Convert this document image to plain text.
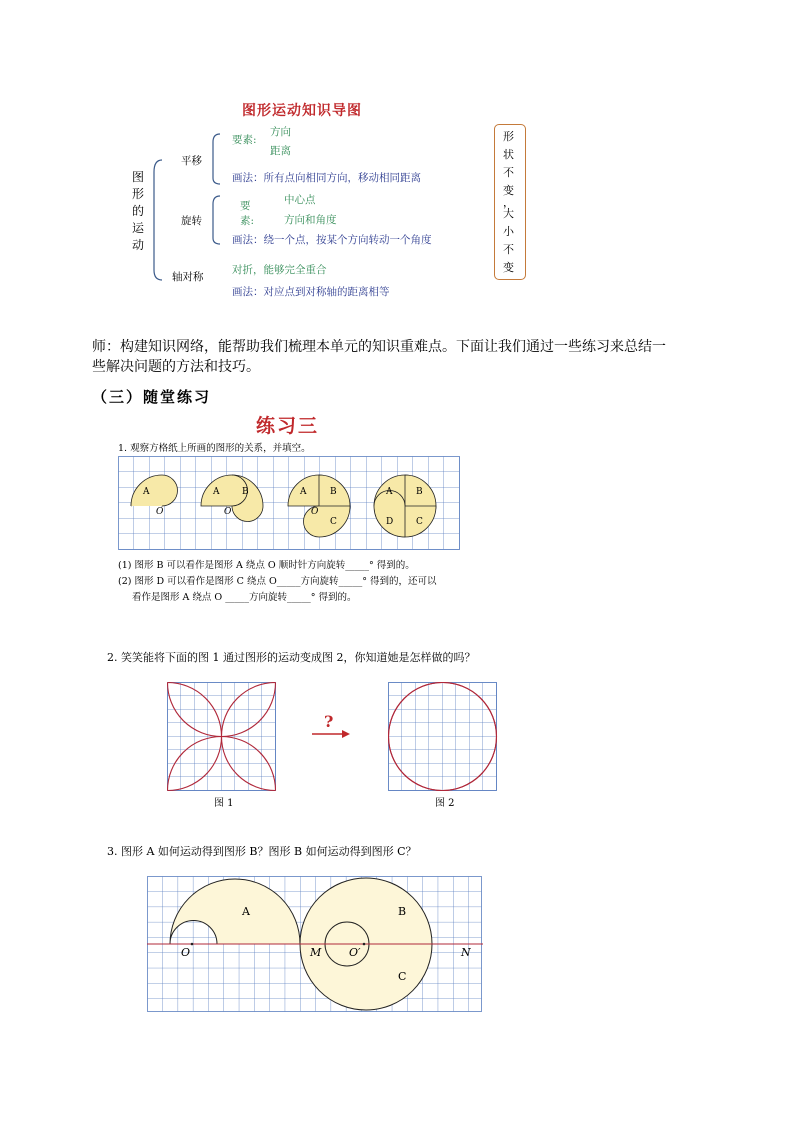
图形运动知识导图
图
形
的
运
动
平移
要素:
方向
距离
画法：所有点向相同方向，移动相同距离
旋转
要
素:
中心点
方向和角度
画法：绕一个点，按某个方向转动一个角度
轴对称
对折，能够完全重合
画法：对应点到对称轴的距离相等
形
状
不
变
，
大
小
不
变
师：构建知识网络，能帮助我们梳理本单元的知识重难点。下面让我们通过一些练习来总结一
些解决问题的方法和技巧。
（三）随堂练习
练习三
1. 观察方格纸上所画的图形的关系，并填空。
A
O
A	B
O
A	B
C
O
A	B
C
D
(1) 图形 B 可以看作是图形 A 绕点 O 顺时针方向旋转_____° 得到的。
(2) 图形 D 可以看作是图形 C 绕点 O_____方向旋转_____° 得到的，还可以
看作是图形 A 绕点 O _____方向旋转_____° 得到的。
2. 笑笑能将下面的图 1 通过图形的运动变成图 2，你知道她是怎样做的吗？
图 1
?
图 2
3. 图形 A 如何运动得到图形 B？图形 B 如何运动得到图形 C？
A	B
C
O	M	O′	N
